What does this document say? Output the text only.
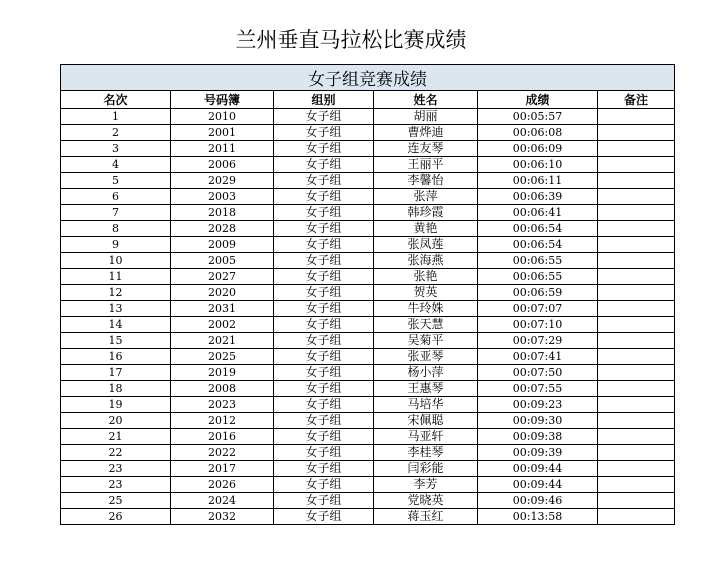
兰州垂直马拉松比赛成绩
女子组竞赛成绩					
名次	号码簿	组别	姓名	成绩	备注
1	2010	女子组	胡丽	00:05:57	
2	2001	女子组	曹烨迪	00:06:08	
3	2011	女子组	连友琴	00:06:09	
4	2006	女子组	王丽平	00:06:10	
5	2029	女子组	李馨怡	00:06:11	
6	2003	女子组	张萍	00:06:39	
7	2018	女子组	韩珍霞	00:06:41	
8	2028	女子组	黄艳	00:06:54	
9	2009	女子组	张凤莲	00:06:54	
10	2005	女子组	张海燕	00:06:55	
11	2027	女子组	张艳	00:06:55	
12	2020	女子组	贺英	00:06:59	
13	2031	女子组	牛玲姝	00:07:07	
14	2002	女子组	张天慧	00:07:10	
15	2021	女子组	吴菊平	00:07:29	
16	2025	女子组	张亚琴	00:07:41	
17	2019	女子组	杨小萍	00:07:50	
18	2008	女子组	王惠琴	00:07:55	
19	2023	女子组	马培华	00:09:23	
20	2012	女子组	宋佩聪	00:09:30	
21	2016	女子组	马亚轩	00:09:38	
22	2022	女子组	李桂琴	00:09:39	
23	2017	女子组	闫彩能	00:09:44	
23	2026	女子组	李芳	00:09:44	
25	2024	女子组	党晓英	00:09:46	
26	2032	女子组	蒋玉红	00:13:58	
